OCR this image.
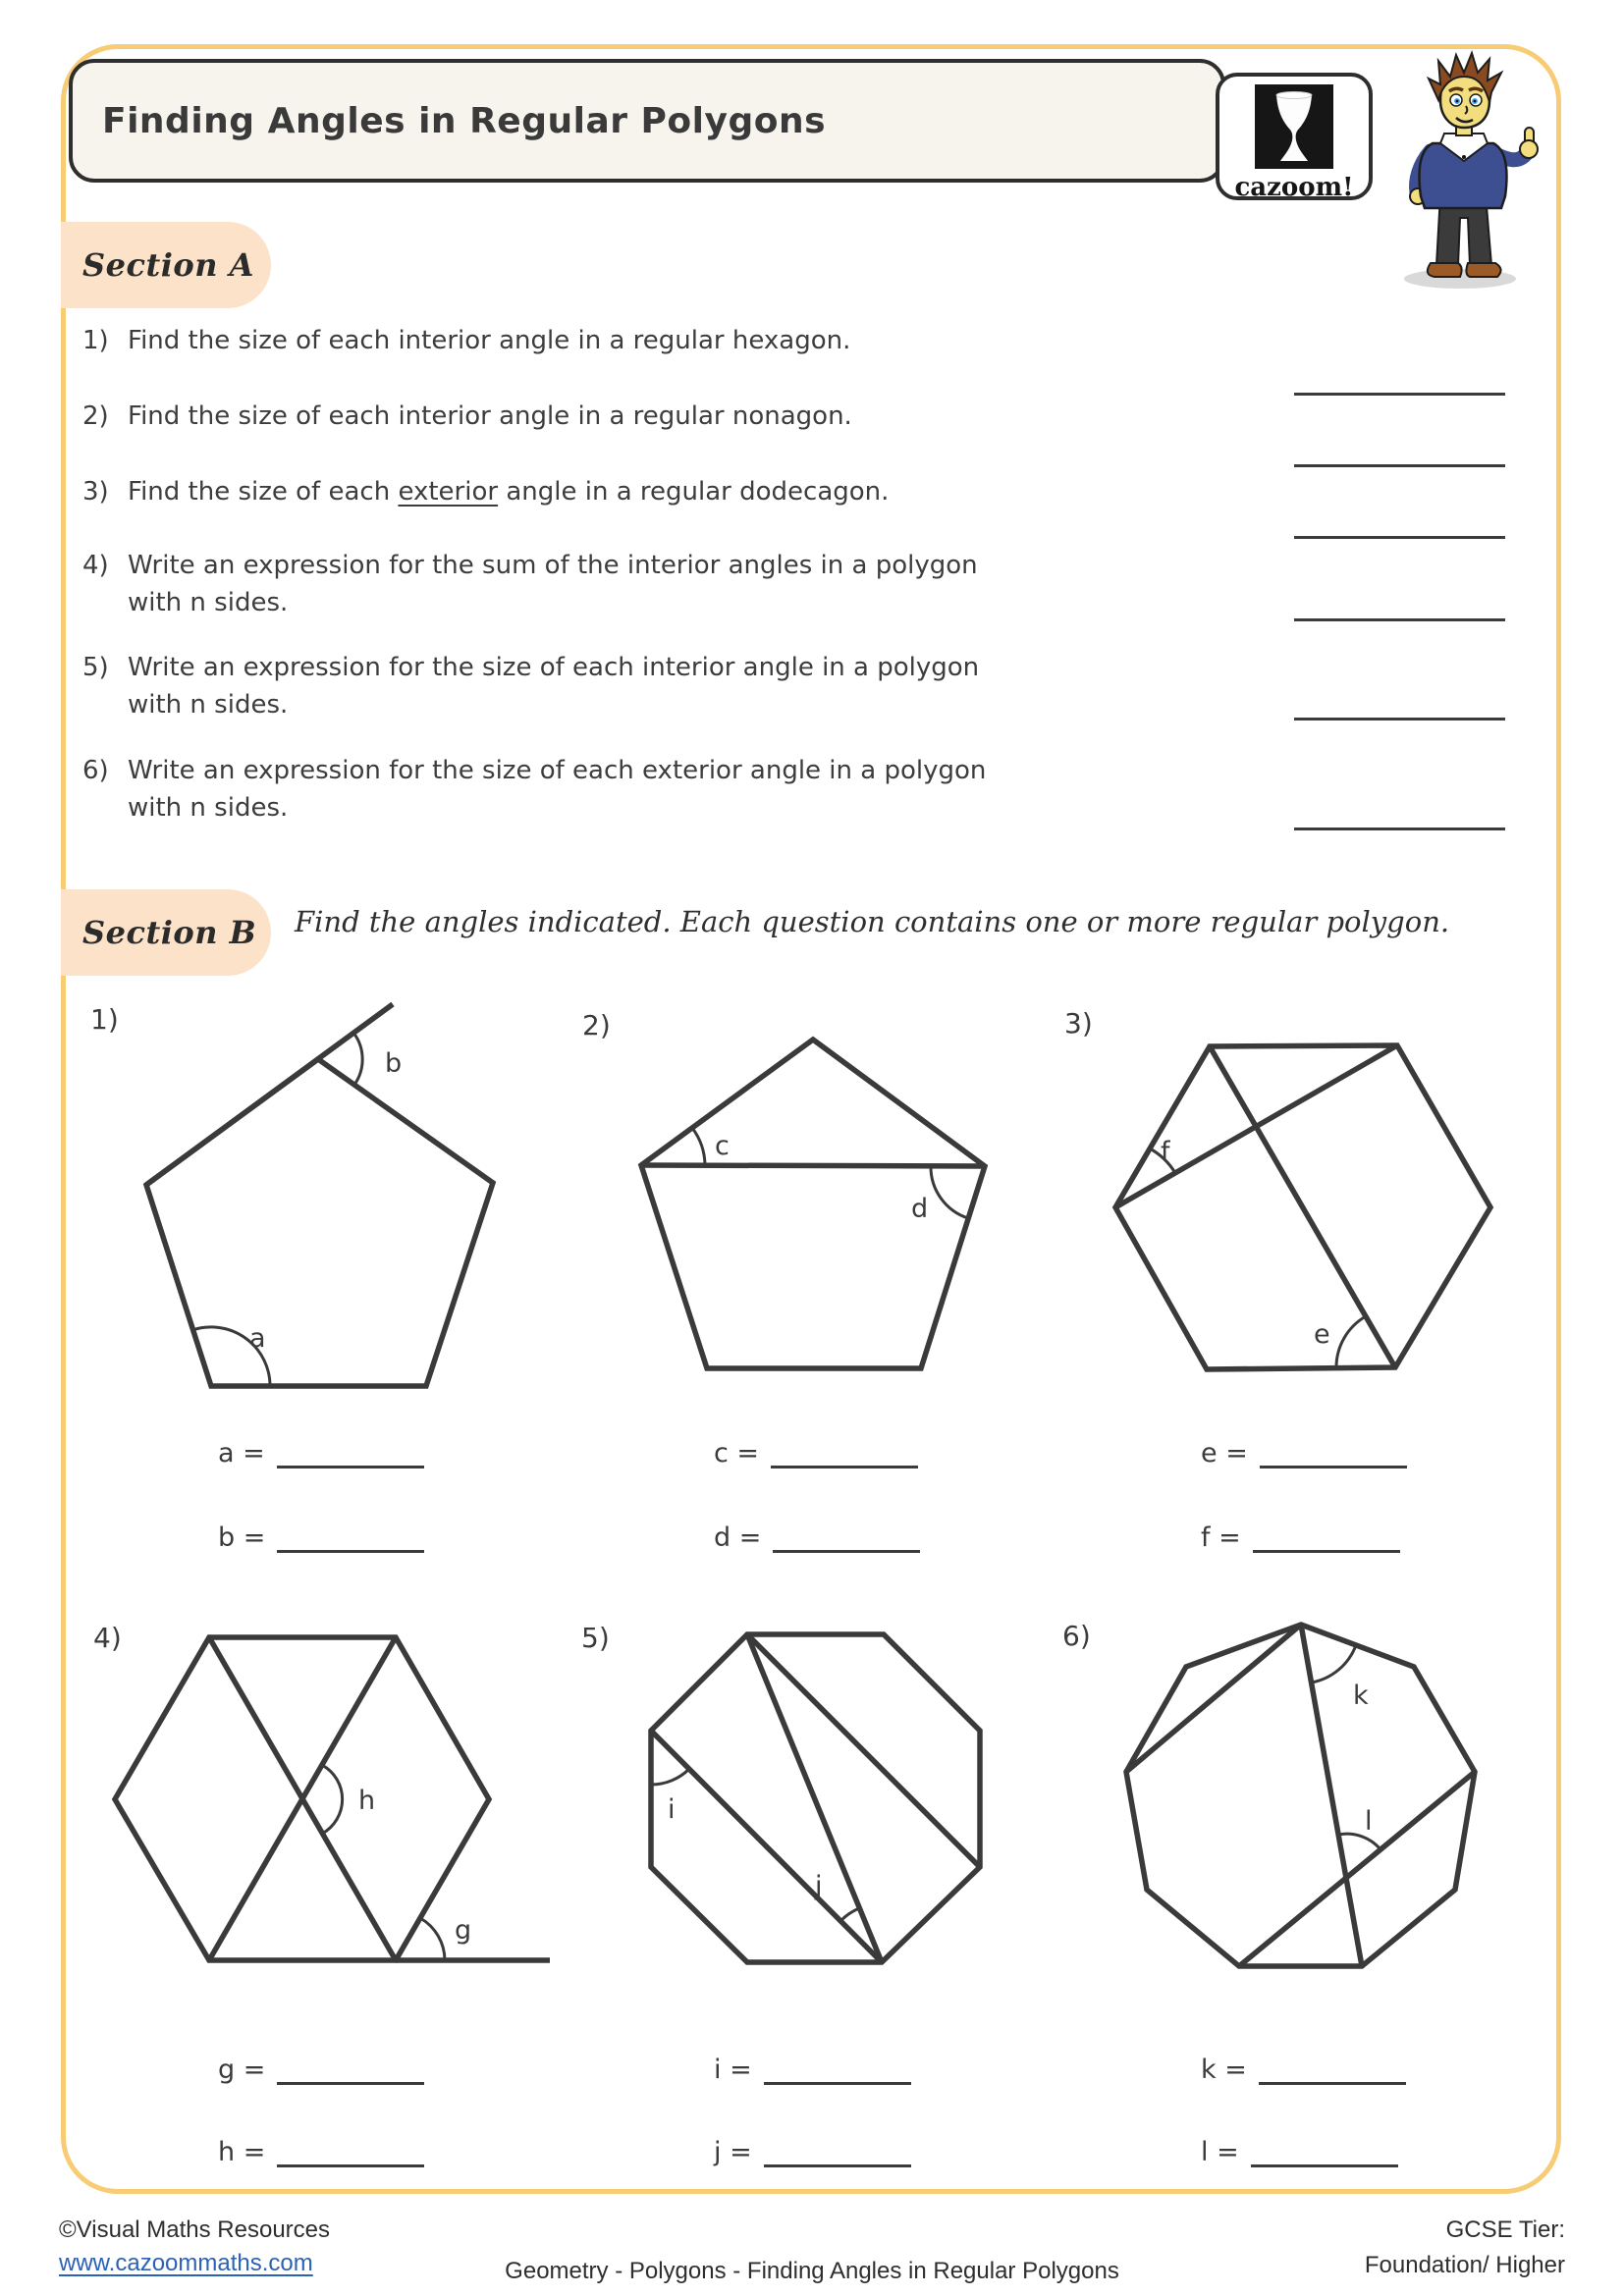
Finding Angles in Regular Polygons
cazoom!
Section A
1) Find the size of each interior angle in a regular hexagon.
2) Find the size of each interior angle in a regular nonagon.
3) Find the size of each exterior angle in a regular dodecagon.
4) Write an expression for the sum of the interior angles in a polygon
with n sides.
5) Write an expression for the size of each interior angle in a polygon
with n sides.
6) Write an expression for the size of each exterior angle in a polygon
with n sides.
Section B Find the angles indicated. Each question contains one or more regular polygon.
1)
a
b
2)
c
d
3)
f
e
a =	c =	e =
b =	d =	f =
4)
h
g
5)
i
j
6)
k
l
g =	i =	k =
h =	j =	l =
©Visual Maths Resources
www.cazoommaths.com	Geometry - Polygons - Finding Angles in Regular Polygons
GCSE Tier:
Foundation/ Higher
